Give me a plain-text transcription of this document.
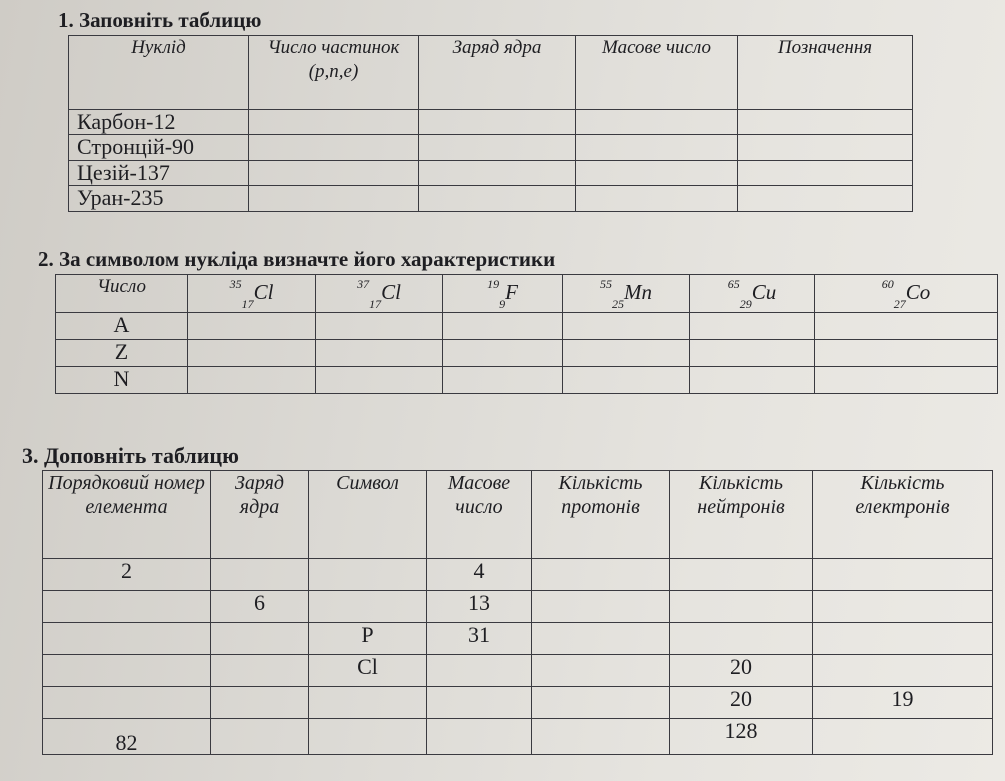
1. Заповніть таблицю
Нуклід	Число частинок (p,n,e)	Заряд ядра	Масове число	Позначення
Карбон-12				
Стронцій-90				
Цезій-137				
Уран-235				
2. За символом нукліда визначте його характеристики
Число	$^{35}_{17}$Cl	$^{37}_{17}$Cl	$^{19}_9$F	$^{55}_{25}$Mn	$^{65}_{29}$Cu	$^{60}_{27}$Co
A						
Z						
N						
3. Доповніть таблицю
Порядковий номер елемента	Заряд ядра	Символ	Масове число	Кількість протонів	Кількість нейтронів	Кількість електронів
2			4			
	6		13			
		P	31			
		Cl			20	
					20	19
82					128	
